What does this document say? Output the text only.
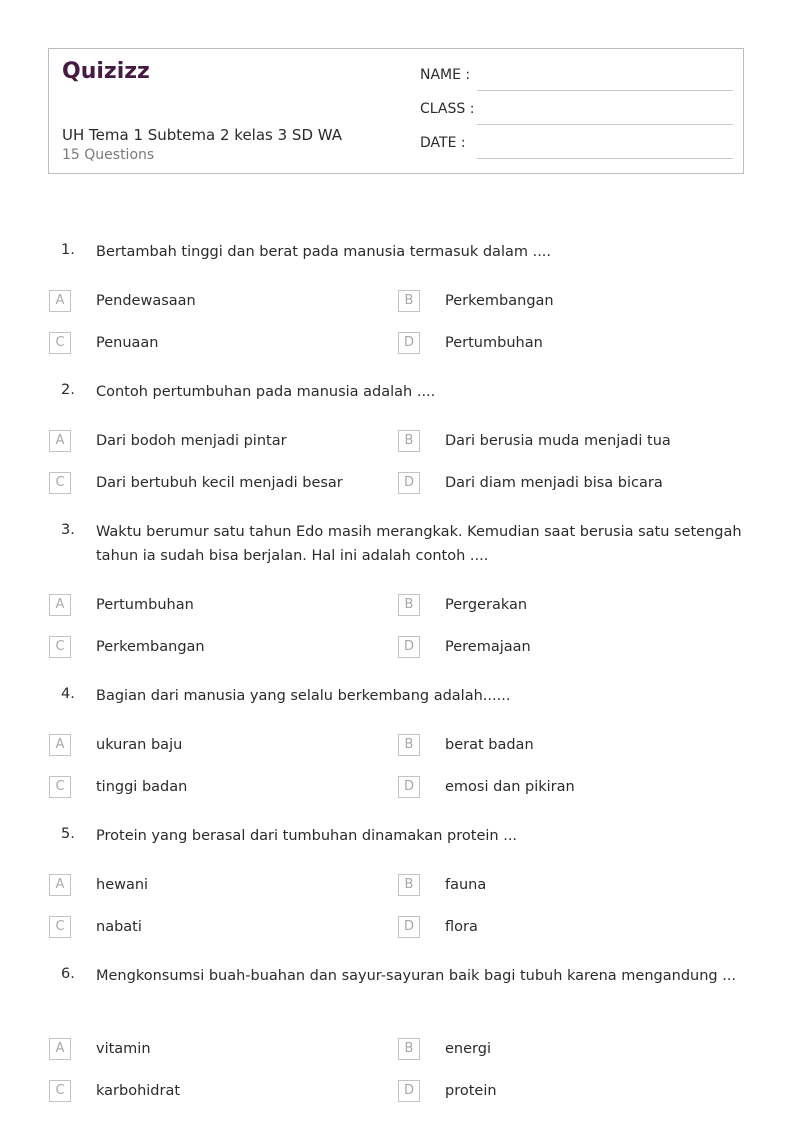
Quizizz
UH Tema 1 Subtema 2 kelas 3 SD WA
15 Questions
NAME :
CLASS :
DATE :
1. Bertambah tinggi dan berat pada manusia termasuk dalam ....
A	Pendewasaan	B	Perkembangan
C	Penuaan	D	Pertumbuhan
2. Contoh pertumbuhan pada manusia adalah ....
A	Dari bodoh menjadi pintar	B	Dari berusia muda menjadi tua
C	Dari bertubuh kecil menjadi besar	D	Dari diam menjadi bisa bicara
3. Waktu berumur satu tahun Edo masih merangkak. Kemudian saat berusia satu setengah tahun ia sudah bisa berjalan. Hal ini adalah contoh ....
A	Pertumbuhan	B	Pergerakan
C	Perkembangan	D	Peremajaan
4. Bagian dari manusia yang selalu berkembang adalah......
A	ukuran baju	B	berat badan
C	tinggi badan	D	emosi dan pikiran
5. Protein yang berasal dari tumbuhan dinamakan protein ...
A	hewani	B	fauna
C	nabati	D	flora
6. Mengkonsumsi buah-buahan dan sayur-sayuran baik bagi tubuh karena mengandung ...
A	vitamin	B	energi
C	karbohidrat	D	protein
